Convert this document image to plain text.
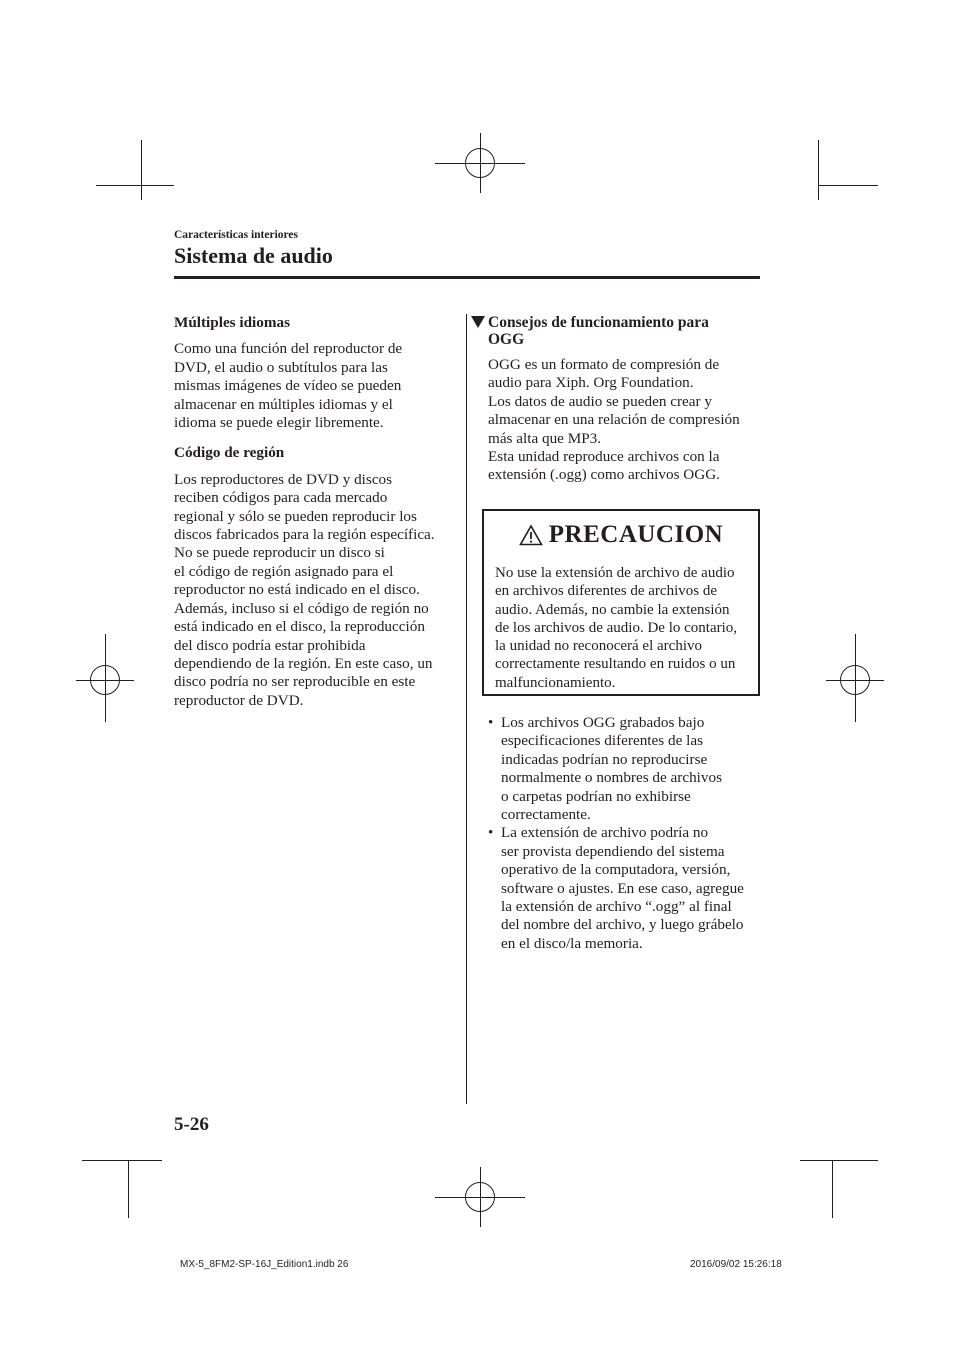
Características interiores
Sistema de audio

Múltiples idiomas

Como una función del reproductor de

DVD, el audio o subtítulos para las

mismas imágenes de vídeo se pueden

almacenar en múltiples idiomas y el

idioma se puede elegir libremente.

Código de región

Los reproductores de DVD y discos

reciben códigos para cada mercado

regional y sólo se pueden reproducir los

discos fabricados para la región específica.

No se puede reproducir un disco si

el código de región asignado para el

reproductor no está indicado en el disco.

Además, incluso si el código de región no

está indicado en el disco, la reproducción

del disco podría estar prohibida

dependiendo de la región. En este caso, un

disco podría no ser reproducible en este

reproductor de DVD.

Consejos de funcionamiento para
OGG

OGG es un formato de compresión de

audio para Xiph. Org Foundation.

Los datos de audio se pueden crear y

almacenar en una relación de compresión

más alta que MP3.

Esta unidad reproduce archivos con la

extensión (.ogg) como archivos OGG.

PRECAUCION
No use la extensión de archivo de audio
en archivos diferentes de archivos de
audio. Además, no cambie la extensión
de los archivos de audio. De lo contario,
la unidad no reconocerá el archivo
correctamente resultando en ruidos o un
malfuncionamiento.
• Los archivos OGG grabados bajo
especificaciones diferentes de las
indicadas podrían no reproducirse
normalmente o nombres de archivos
o carpetas podrían no exhibirse
correctamente.
• La extensión de archivo podría no
ser provista dependiendo del sistema
operativo de la computadora, versión,
software o ajustes. En ese caso, agregue
la extensión de archivo “.ogg” al final
del nombre del archivo, y luego grábelo
en el disco/la memoria.
5-26
MX-5_8FM2-SP-16J_Edition1.indb 26	2016/09/02 15:26:18
